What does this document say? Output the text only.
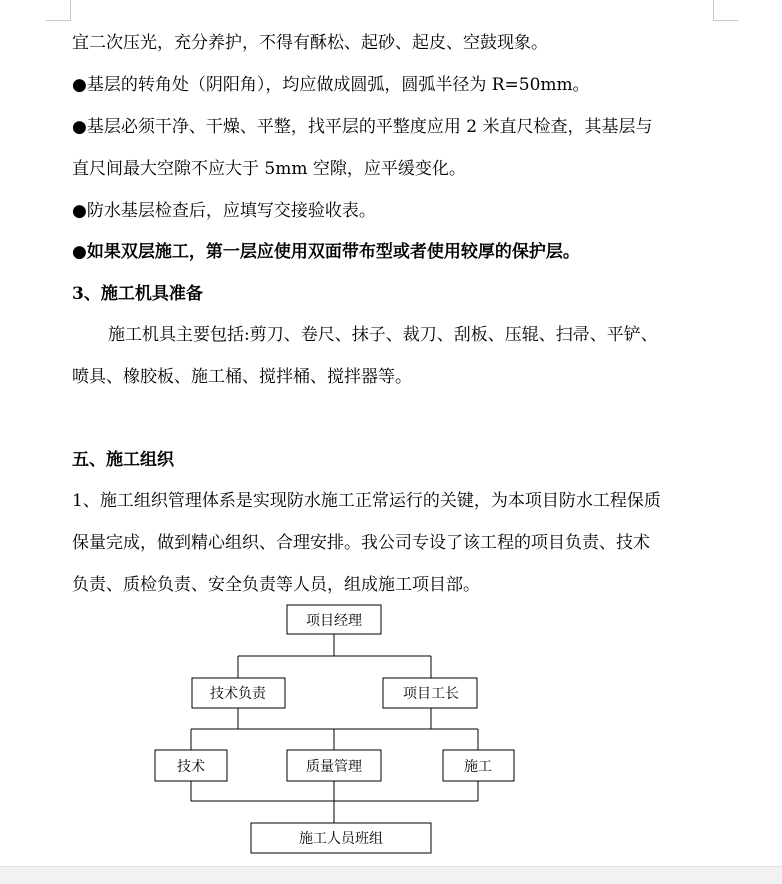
宜二次压光，充分养护，不得有酥松、起砂、起皮、空鼓现象。
●基层的转角处（阴阳角），均应做成圆弧，圆弧半径为 R=50mm。
●基层必须干净、干燥、平整，找平层的平整度应用 2 米直尺检查，其基层与
直尺间最大空隙不应大于 5mm 空隙，应平缓变化。
●防水基层检查后，应填写交接验收表。
●如果双层施工，第一层应使用双面带布型或者使用较厚的保护层。
3、施工机具准备
施工机具主要包括:剪刀、卷尺、抹子、裁刀、刮板、压辊、扫帚、平铲、
喷具、橡胶板、施工桶、搅拌桶、搅拌器等。
五、施工组织
1、施工组织管理体系是实现防水施工正常运行的关键，为本项目防水工程保质
保量完成，做到精心组织、合理安排。我公司专设了该工程的项目负责、技术
负责、质检负责、安全负责等人员，组成施工项目部。
项目经理
技术负责	项目工长
技术	质量管理	施工
施工人员班组
